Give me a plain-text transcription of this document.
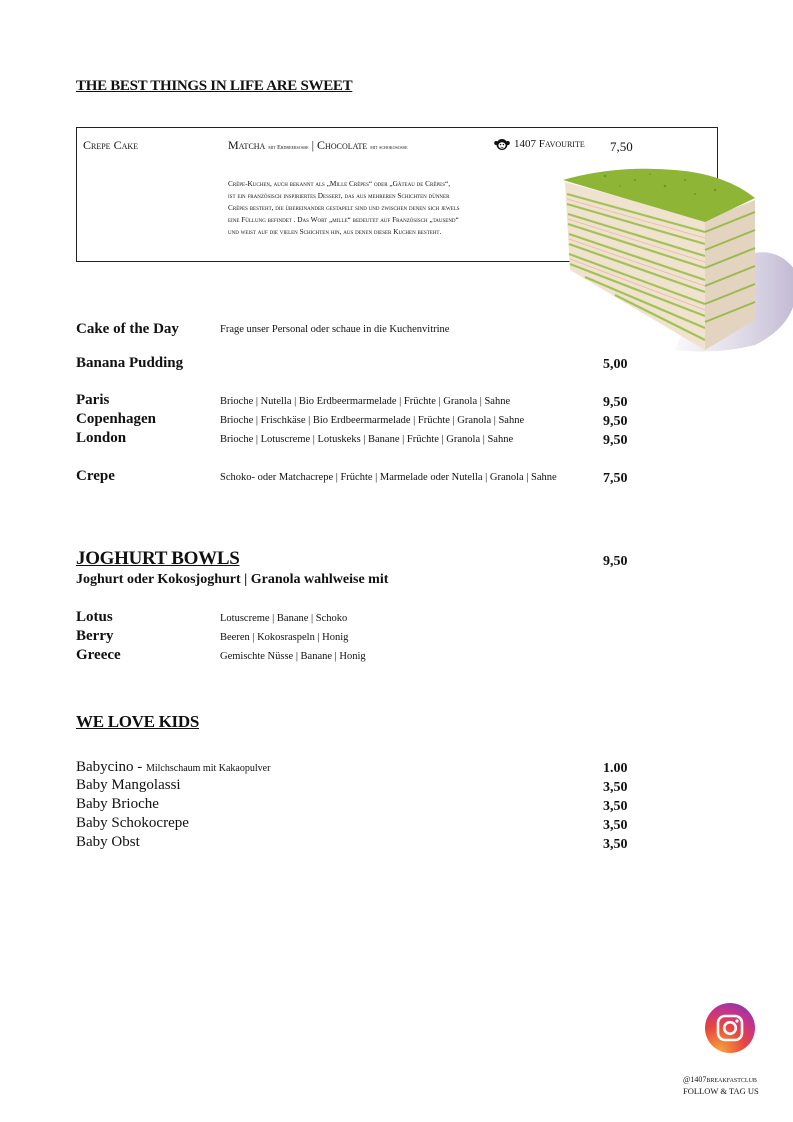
THE BEST THINGS IN LIFE ARE SWEET
Crepe Cake	Matcha mit Erdbeersosse | Chocolate mit schokososse	1407 Favourite 7,50

Crêpe-Kuchen, auch bekannt als „Mille Crêpes“ oder „Gâteau de Crêpes“,

ist ein französisch inspiriertes Dessert, das aus mehreren Schichten dünner

Crêpes besteht, die übereinander gestapelt sind und zwischen denen sich jewels

eine Füllung befindet . Das Wort „mille“ bedeutet auf Französisch „tausend“

und weist auf die vielen Schichten hin, aus denen dieser Kuchen besteht.

Cake of the Day	Frage unser Personal oder schaue in die Kuchenvitrine
Banana Pudding	5,00
Paris	Brioche | Nutella | Bio Erdbeermarmelade | Früchte | Granola | Sahne	9,50
Copenhagen	Brioche | Frischkäse | Bio Erdbeermarmelade | Früchte | Granola | Sahne	9,50
London	Brioche | Lotuscreme | Lotuskeks | Banane | Früchte | Granola | Sahne	9,50
Crepe	Schoko- oder Matchacrepe | Früchte | Marmelade oder Nutella | Granola | Sahne	7,50
JOGHURT BOWLS	9,50
Joghurt oder Kokosjoghurt | Granola wahlweise mit
Lotus	Lotuscreme | Banane | Schoko
Berry	Beeren | Kokosraspeln | Honig
Greece	Gemischte Nüsse | Banane | Honig
WE LOVE KIDS
Babycino - Milchschaum mit Kakaopulver	1.00
Baby Mangolassi	3,50
Baby Brioche	3,50
Baby Schokocrepe	3,50
Baby Obst	3,50
@1407breakfastclub
FOLLOW & TAG US
